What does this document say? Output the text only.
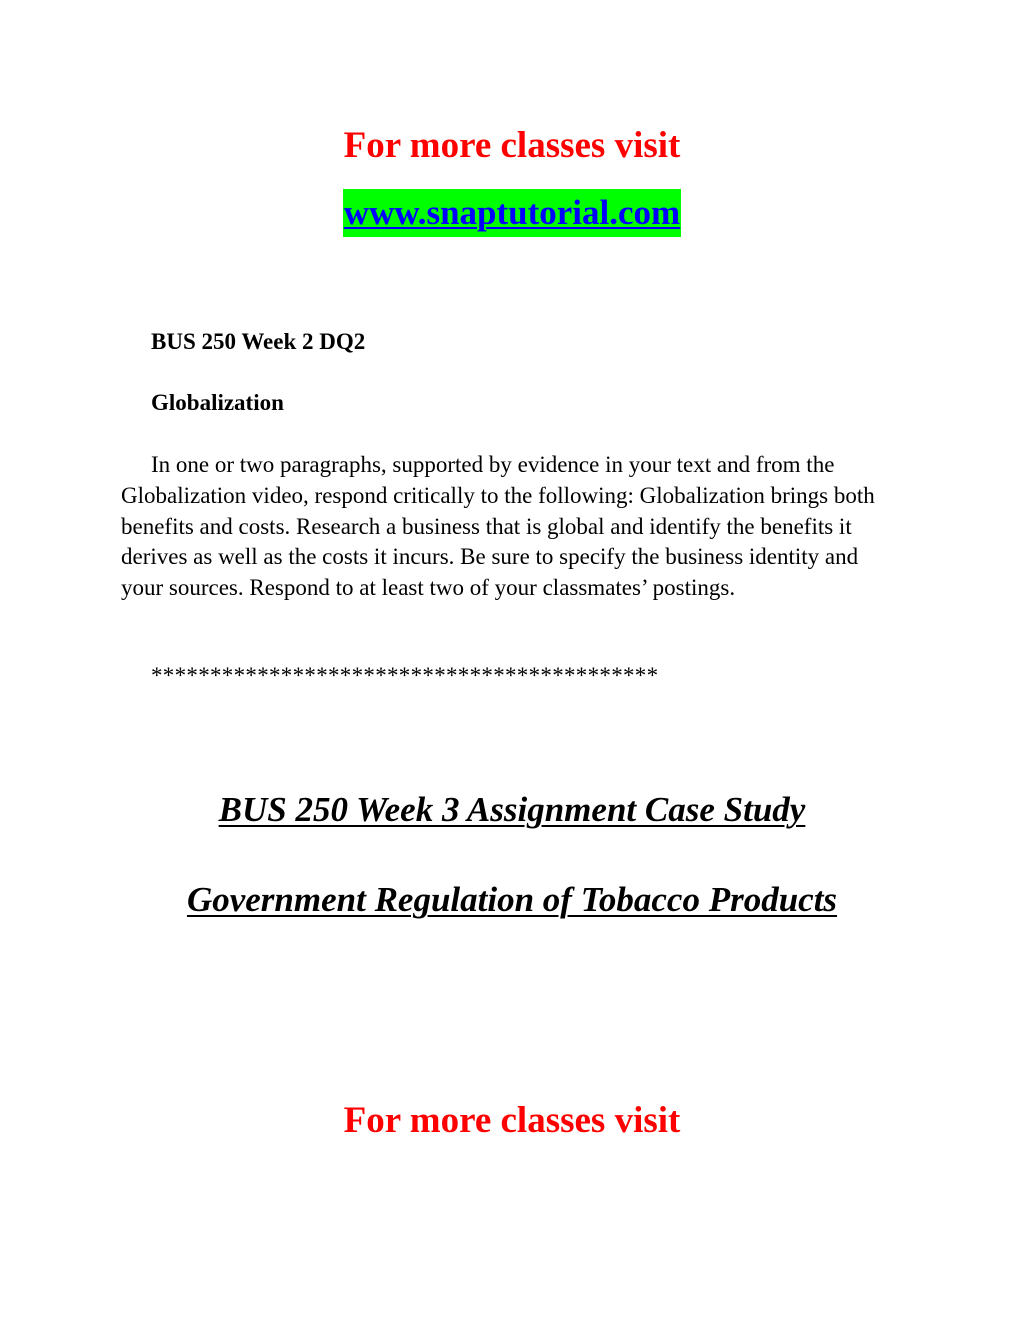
For more classes visit
www.snaptutorial.com

BUS 250 Week 2 DQ2

Globalization

In one or two paragraphs, supported by evidence in your text and from the Globalization video, respond critically to the following: Globalization brings both benefits and costs. Research a business that is global and identify the benefits it derives as well as the costs it incurs. Be sure to specify the business identity and your sources. Respond to at least two of your classmates’ postings.

*******************************************

BUS 250 Week 3 Assignment Case Study
Government Regulation of Tobacco Products
For more classes visit
